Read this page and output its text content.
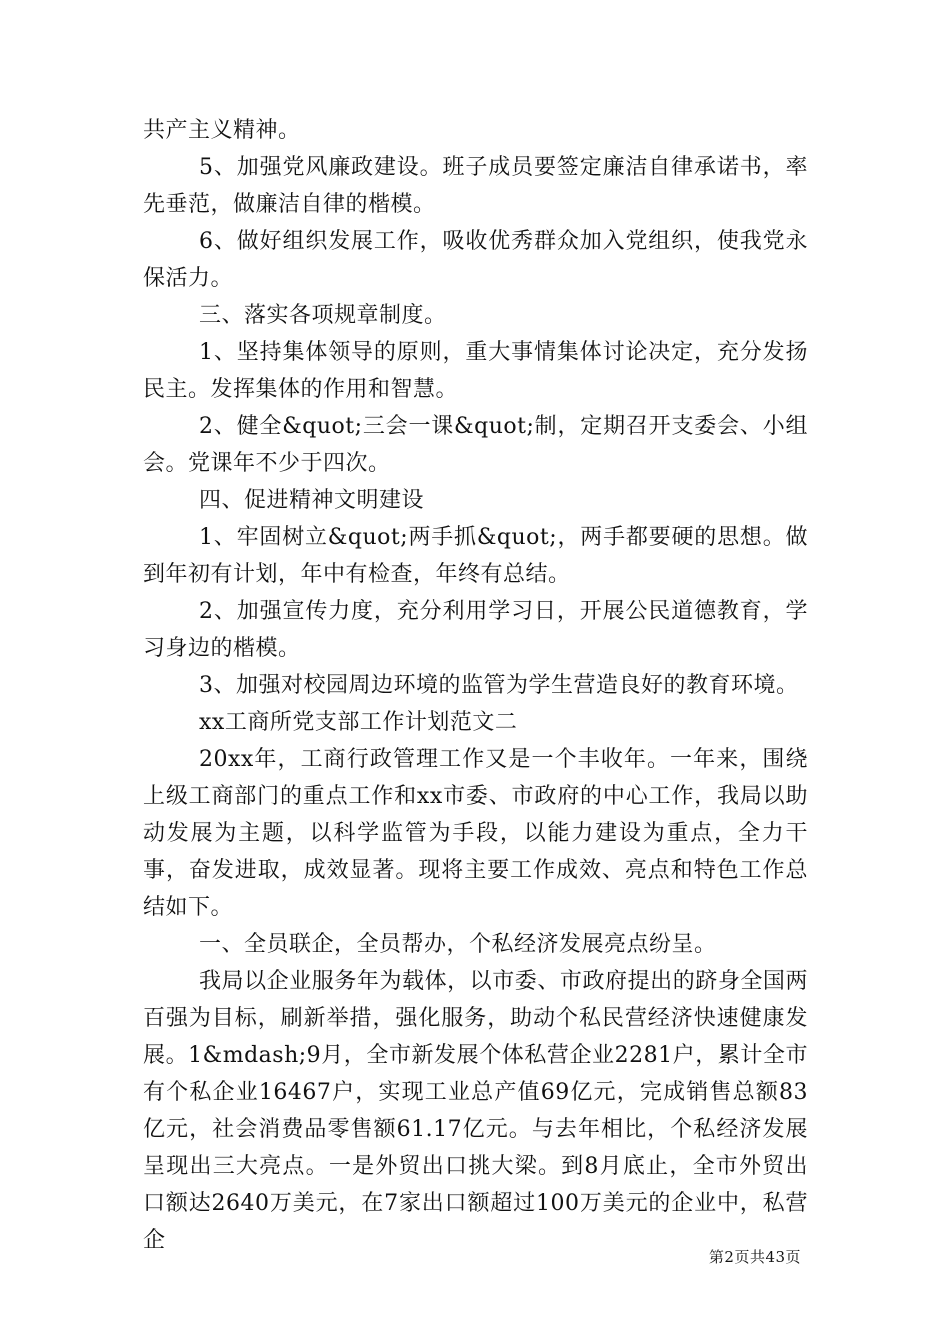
共产主义精神。

5、加强党风廉政建设。班子成员要签定廉洁自律承诺书，率先垂范，做廉洁自律的楷模。

6、做好组织发展工作，吸收优秀群众加入党组织，使我党永保活力。

三、落实各项规章制度。

1、坚持集体领导的原则，重大事情集体讨论决定，充分发扬民主。发挥集体的作用和智慧。

2、健全&quot;三会一课&quot;制，定期召开支委会、小组会。党课年不少于四次。

四、促进精神文明建设

1、牢固树立&quot;两手抓&quot;，两手都要硬的思想。做到年初有计划，年中有检查，年终有总结。

2、加强宣传力度，充分利用学习日，开展公民道德教育，学习身边的楷模。

3、加强对校园周边环境的监管为学生营造良好的教育环境。

xx工商所党支部工作计划范文二

20xx年，工商行政管理工作又是一个丰收年。一年来，围绕上级工商部门的重点工作和xx市委、市政府的中心工作，我局以助动发展为主题，以科学监管为手段，以能力建设为重点，全力干事，奋发进取，成效显著。现将主要工作成效、亮点和特色工作总结如下。

一、全员联企，全员帮办，个私经济发展亮点纷呈。

我局以企业服务年为载体，以市委、市政府提出的跻身全国两百强为目标，刷新举措，强化服务，助动个私民营经济快速健康发展。1&mdash;9月，全市新发展个体私营企业2281户，累计全市有个私企业16467户，实现工业总产值69亿元，完成销售总额83亿元，社会消费品零售额61.17亿元。与去年相比，个私经济发展呈现出三大亮点。一是外贸出口挑大梁。到8月底止，全市外贸出口额达2640万美元，在7家出口额超过100万美元的企业中，私营企

第2页共43页
